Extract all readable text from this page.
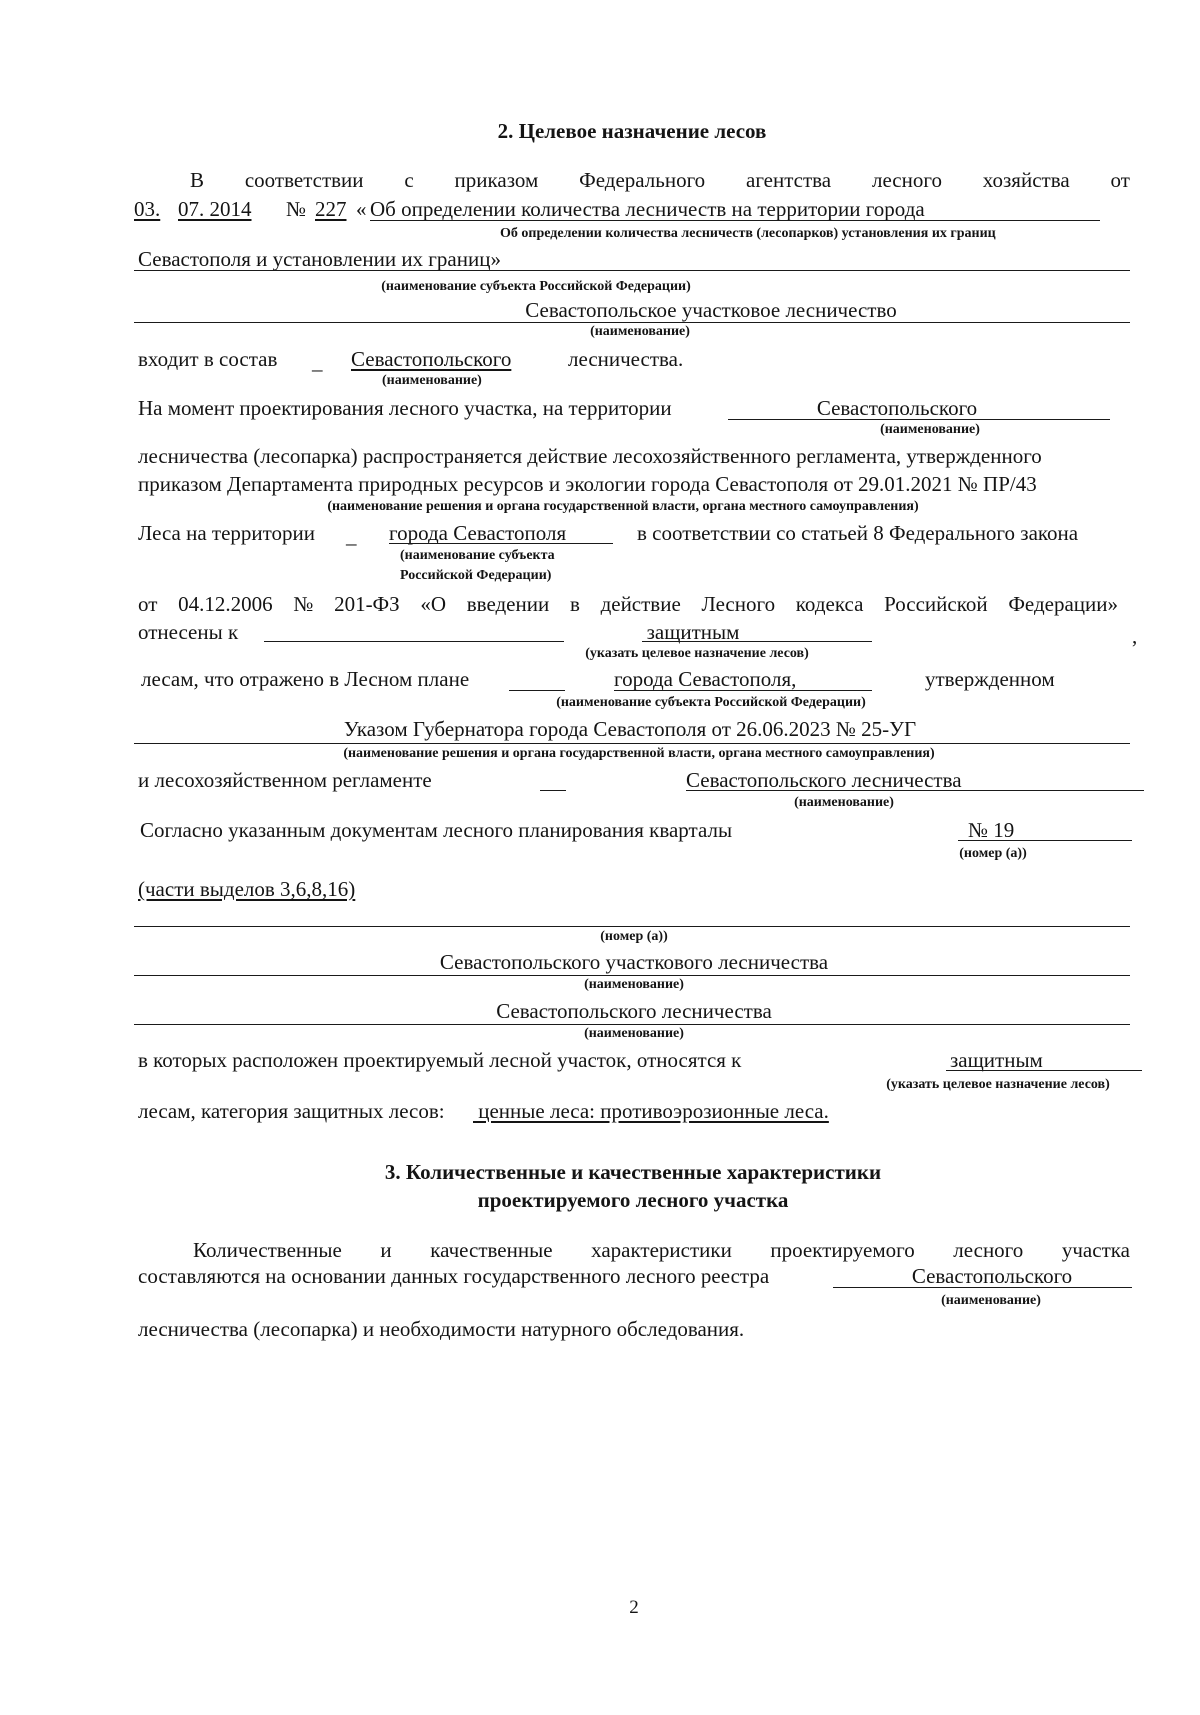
2. Целевое назначение лесов
В соответствии с приказом Федерального агентства лесного хозяйства от
03. 07. 2014 № 227 « Об определении количества лесничеств на территории города
Об определении количества лесничеств (лесопарков) установления их границ
Севастополя и установлении их границ»
(наименование субъекта Российской Федерации)
Севастопольское участковое лесничество
(наименование)
входит в состав _ Севастопольского	лесничества.
(наименование)
На момент проектирования лесного участка, на территории	Севастопольского
(наименование)
лесничества (лесопарка) распространяется действие лесохозяйственного регламента, утвержденного
приказом Департамента природных ресурсов и экологии города Севастополя от 29.01.2021 № ПР/43
(наименование решения и органа государственной власти, органа местного самоуправления)
Леса на территории _ города Севастополя	в соответствии со статьей 8 Федерального закона
(наименование субъекта
Российской Федерации)
от 04.12.2006 № 201-ФЗ «О введении в действие Лесного кодекса Российской Федерации»
отнесены к	защитным	,
(указать целевое назначение лесов)
лесам, что отражено в Лесном плане	города Севастополя,	утвержденном
(наименование субъекта Российской Федерации)
Указом Губернатора города Севастополя от 26.06.2023 № 25-УГ
(наименование решения и органа государственной власти, органа местного самоуправления)
и лесохозяйственном регламенте	Севастопольского лесничества
(наименование)
Согласно указанным документам лесного планирования кварталы	№ 19
(номер (а))
(части выделов 3,6,8,16)
(номер (а))
Севастопольского участкового лесничества
(наименование)
Севастопольского лесничества
(наименование)
в которых расположен проектируемый лесной участок, относятся к	защитным
(указать целевое назначение лесов)
лесам, категория защитных лесов: ценные леса: противоэрозионные леса.
3. Количественные и качественные характеристики
проектируемого лесного участка
Количественные и качественные характеристики проектируемого лесного участка
составляются на основании данных государственного лесного реестра	Севастопольского
(наименование)
лесничества (лесопарка) и необходимости натурного обследования.
2
